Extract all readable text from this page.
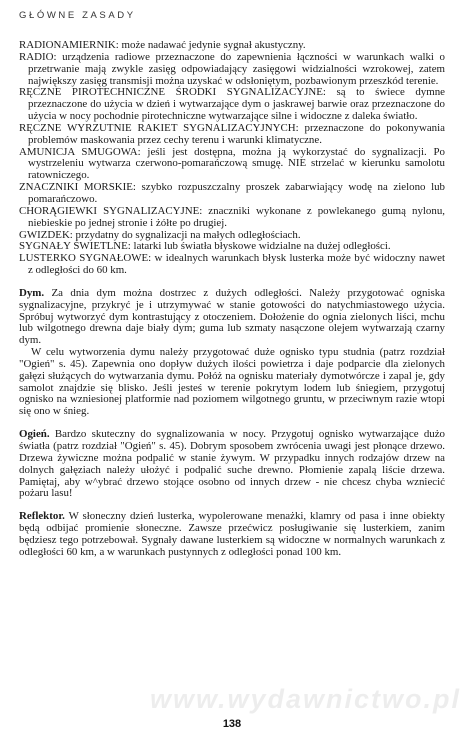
GŁÓWNE ZASADY

RADIONAMIERNIK: może nadawać jedynie sygnał akustyczny.

RADIO: urządzenia radiowe przeznaczone do zapewnienia łączności w warunkach walki o przetrwanie mają zwykle zasięg odpowiadający zasięgowi widzialności wzrokowej, zatem największy zasięg transmisji można uzyskać w odsłoniętym, pozbawionym przeszkód terenie.

RĘCZNE PIROTECHNICZNE ŚRODKI SYGNALIZACYJNE: są to świece dymne przeznaczone do użycia w dzień i wytwarzające dym o jaskrawej barwie oraz przeznaczone do użycia w nocy pochodnie pirotechniczne wytwarzające silne i widoczne z daleka światło.

RĘCZNE WYRZUTNIE RAKIET SYGNALIZACYJNYCH: przeznaczone do pokonywania problemów maskowania przez cechy terenu i warunki klimatyczne.

AMUNICJA SMUGOWA: jeśli jest dostępna, można ją wykorzystać do sygnalizacji. Po wystrzeleniu wytwarza czerwono-pomarańczową smugę. NIE strzelać w kierunku samolotu ratowniczego.

ZNACZNIKI MORSKIE: szybko rozpuszczalny proszek zabarwiający wodę na zielono lub pomarańczowo.

CHORĄGIEWKI SYGNALIZACYJNE: znaczniki wykonane z powlekanego gumą nylonu, niebieskie po jednej stronie i żółte po drugiej.

GWIZDEK: przydatny do sygnalizacji na małych odległościach.

SYGNAŁY ŚWIETLNE: latarki lub światła błyskowe widzialne na dużej odległości.

LUSTERKO SYGNAŁOWE: w idealnych warunkach błysk lusterka może być widoczny nawet z odległości do 60 km.

Dym. Za dnia dym można dostrzec z dużych odległości. Należy przygotować ogniska sygnalizacyjne, przykryć je i utrzymywać w stanie gotowości do natychmiastowego użycia. Spróbuj wytworzyć dym kontrastujący z otoczeniem. Dołożenie do ognia zielonych liści, mchu lub wilgotnego drewna daje biały dym; guma lub szmaty nasączone olejem wytwarzają czarny dym.

W celu wytworzenia dymu należy przygotować duże ognisko typu studnia (patrz rozdział "Ogień" s. 45). Zapewnia ono dopływ dużych ilości powietrza i daje podparcie dla zielonych gałęzi służących do wytwarzania dymu. Połóż na ognisku materiały dymotwórcze i zapal je, gdy samolot znajdzie się blisko. Jeśli jesteś w terenie pokrytym lodem lub śniegiem, przygotuj ognisko na wzniesionej platformie nad poziomem wilgotnego gruntu, w przeciwnym razie wtopi się ono w śnieg.

Ogień. Bardzo skuteczny do sygnalizowania w nocy. Przygotuj ognisko wytwarzające dużo światła (patrz rozdział "Ogień" s. 45). Dobrym sposobem zwrócenia uwagi jest płonące drzewo. Drzewa żywiczne można podpalić w stanie żywym. W przypadku innych rodzajów drzew na dolnych gałęziach należy ułożyć i podpalić suche drewno. Płomienie zapalą liście drzewa. Pamiętaj, aby w^ybrać drzewo stojące osobno od innych drzew - nie chcesz chyba wzniecić pożaru lasu!

Reflektor. W słoneczny dzień lusterka, wypolerowane menażki, klamry od pasa i inne obiekty będą odbijać promienie słoneczne. Zawsze przećwicz posługiwanie się lusterkiem, zanim będziesz tego potrzebował. Sygnały dawane lusterkiem są widoczne w normalnych warunkach z odległości 60 km, a w warunkach pustynnych z odległości ponad 100 km.

www.wydawnictwo.pl
138
